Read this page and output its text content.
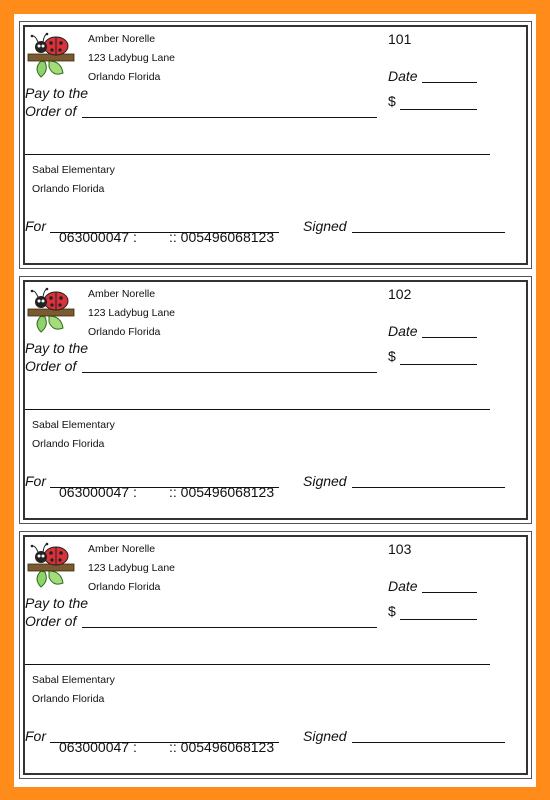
Amber Norelle
123 Ladybug Lane
Orlando Florida
101
Date
$
Pay to the
Order of
Sabal Elementary
Orlando Florida
For	Signed
063000047 : :: 005496068123
Amber Norelle
123 Ladybug Lane
Orlando Florida
102
Date
$
Pay to the
Order of
Sabal Elementary
Orlando Florida
For	Signed
063000047 : :: 005496068123
Amber Norelle
123 Ladybug Lane
Orlando Florida
103
Date
$
Pay to the
Order of
Sabal Elementary
Orlando Florida
For	Signed
063000047 : :: 005496068123
